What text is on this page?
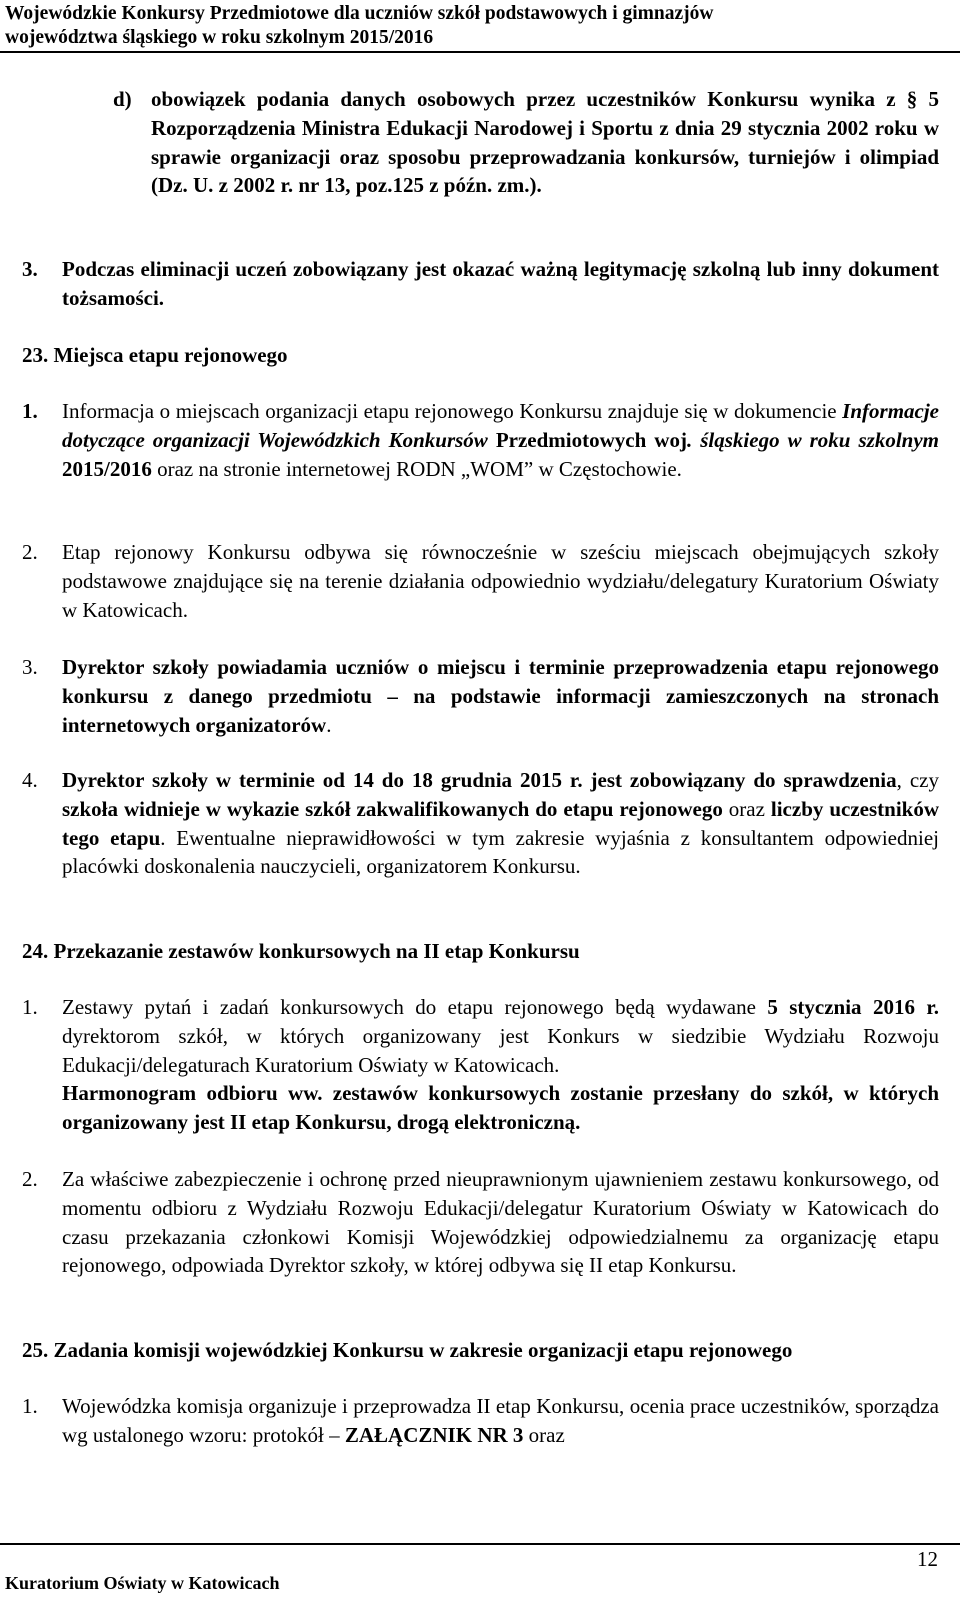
Wojewódzkie Konkursy Przedmiotowe dla uczniów szkół podstawowych i gimnazjów
województwa śląskiego w roku szkolnym 2015/2016
d) obowiązek podania danych osobowych przez uczestników Konkursu wynika z § 5 Rozporządzenia Ministra Edukacji Narodowej i Sportu z dnia 29 stycznia 2002 roku w sprawie organizacji oraz sposobu przeprowadzania konkursów, turniejów i olimpiad (Dz. U. z 2002 r. nr 13, poz.125 z późn. zm.).

3. Podczas eliminacji uczeń zobowiązany jest okazać ważną legitymację szkolną lub inny dokument tożsamości.

23. Miejsca etapu rejonowego
1. Informacja o miejscach organizacji etapu rejonowego Konkursu znajduje się w dokumencie Informacje dotyczące organizacji Wojewódzkich Konkursów Przedmiotowych woj. śląskiego w roku szkolnym 2015/2016 oraz na stronie internetowej RODN „WOM” w Częstochowie.

2. Etap rejonowy Konkursu odbywa się równocześnie w sześciu miejscach obejmujących szkoły podstawowe znajdujące się na terenie działania odpowiednio wydziału/delegatury Kuratorium Oświaty w Katowicach.

3. Dyrektor szkoły powiadamia uczniów o miejscu i terminie przeprowadzenia etapu rejonowego konkursu z danego przedmiotu – na podstawie informacji zamieszczonych na stronach internetowych organizatorów.

4. Dyrektor szkoły w terminie od 14 do 18 grudnia 2015 r. jest zobowiązany do sprawdzenia, czy szkoła widnieje w wykazie szkół zakwalifikowanych do etapu rejonowego oraz liczby uczestników tego etapu. Ewentualne nieprawidłowości w tym zakresie wyjaśnia z konsultantem odpowiedniej placówki doskonalenia nauczycieli, organizatorem Konkursu.

24. Przekazanie zestawów konkursowych na II etap Konkursu
1. Zestawy pytań i zadań konkursowych do etapu rejonowego będą wydawane 5 stycznia 2016 r. dyrektorom szkół, w których organizowany jest Konkurs w siedzibie Wydziału Rozwoju Edukacji/delegaturach Kuratorium Oświaty w Katowicach.

Harmonogram odbioru ww. zestawów konkursowych zostanie przesłany do szkół, w których organizowany jest II etap Konkursu, drogą elektroniczną.

2. Za właściwe zabezpieczenie i ochronę przed nieuprawnionym ujawnieniem zestawu konkursowego, od momentu odbioru z Wydziału Rozwoju Edukacji/delegatur Kuratorium Oświaty w Katowicach do czasu przekazania członkowi Komisji Wojewódzkiej odpowiedzialnemu za organizację etapu rejonowego, odpowiada Dyrektor szkoły, w której odbywa się II etap Konkursu.

25. Zadania komisji wojewódzkiej Konkursu w zakresie organizacji etapu rejonowego
1. Wojewódzka komisja organizuje i przeprowadza II etap Konkursu, ocenia prace uczestników, sporządza wg ustalonego wzoru: protokół – ZAŁĄCZNIK NR 3 oraz

12
Kuratorium Oświaty w Katowicach
